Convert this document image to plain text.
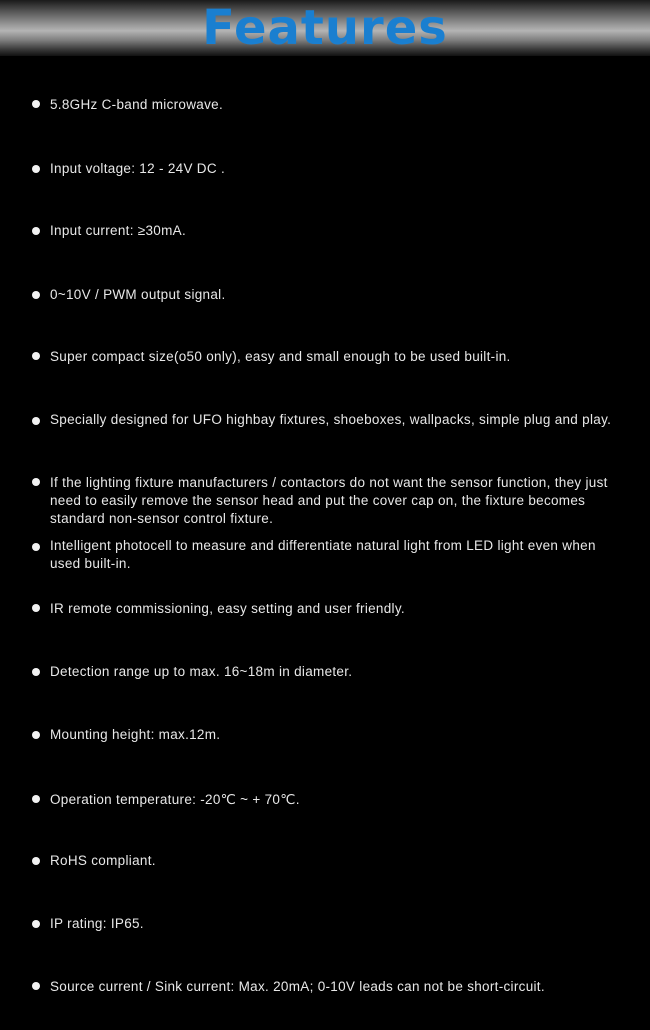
Features
5.8GHz C-band microwave.
Input voltage: 12 - 24V DC .
Input current: ≥30mA.
0~10V / PWM output signal.
Super compact size(ο50 only), easy and small enough to be used built-in.
Specially designed for UFO highbay fixtures, shoeboxes, wallpacks, simple plug and play.
If the lighting fixture manufacturers / contactors do not want the sensor function, they just need to easily remove the sensor head and put the cover cap on, the fixture becomes standard non-sensor control fixture.
Intelligent photocell to measure and differentiate natural light from LED light even when used built-in.
IR remote commissioning, easy setting and user friendly.
Detection range up to max. 16~18m in diameter.
Mounting height: max.12m.
Operation temperature: -20℃ ~ + 70℃.
RoHS compliant.
IP rating: IP65.
Source current / Sink current: Max. 20mA; 0-10V leads can not be short-circuit.
